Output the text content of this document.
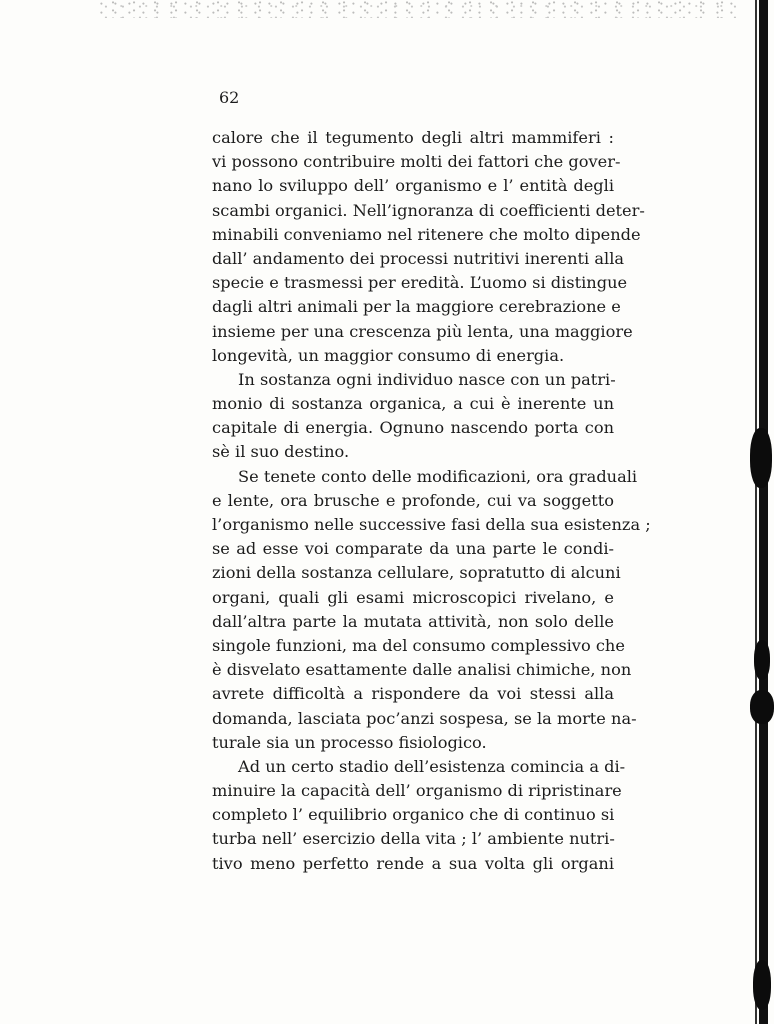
62

calore che il tegumento degli altri mammiferi :
vi possono contribuire molti dei fattori che gover-
nano lo sviluppo dell’ organismo e l’ entità degli
scambi organici. Nell’ignoranza di coefficienti deter-
minabili conveniamo nel ritenere che molto dipende
dall’ andamento dei processi nutritivi inerenti alla
specie e trasmessi per eredità. L’uomo si distingue
dagli altri animali per la maggiore cerebrazione e
insieme per una crescenza più lenta, una maggiore
longevità, un maggior consumo di energia.
In sostanza ogni individuo nasce con un patri-
monio di sostanza organica, a cui è inerente un
capitale di energia. Ognuno nascendo porta con
sè il suo destino.
Se tenete conto delle modificazioni, ora graduali
e lente, ora brusche e profonde, cui va soggetto
l’organismo nelle successive fasi della sua esistenza ;
se ad esse voi comparate da una parte le condi-
zioni della sostanza cellulare, sopratutto di alcuni
organi, quali gli esami microscopici rivelano, e
dall’altra parte la mutata attività, non solo delle
singole funzioni, ma del consumo complessivo che
è disvelato esattamente dalle analisi chimiche, non
avrete difficoltà a rispondere da voi stessi alla
domanda, lasciata poc’anzi sospesa, se la morte na-
turale sia un processo fisiologico.
Ad un certo stadio dell’esistenza comincia a di-
minuire la capacità dell’ organismo di ripristinare
completo l’ equilibrio organico che di continuo si
turba nell’ esercizio della vita ; l’ ambiente nutri-
tivo meno perfetto rende a sua volta gli organi
